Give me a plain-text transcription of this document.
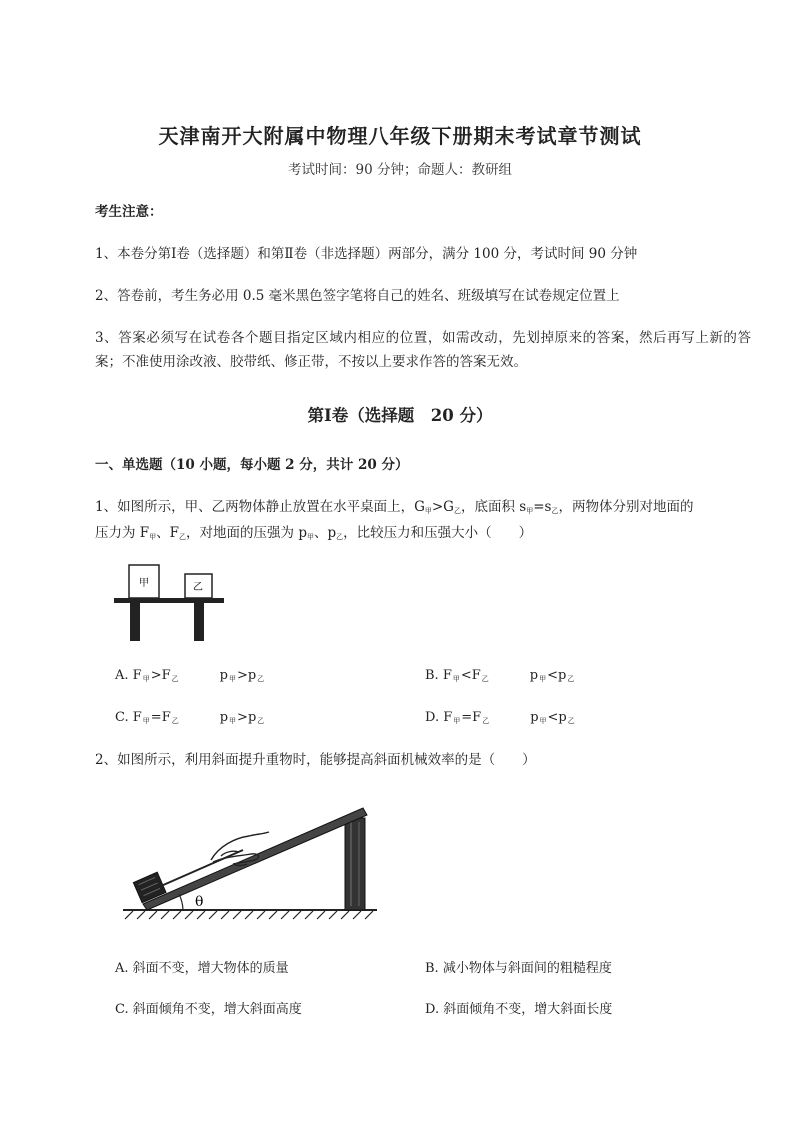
天津南开大附属中物理八年级下册期末考试章节测试
考试时间：90 分钟；命题人：教研组
考生注意：
1、本卷分第Ⅰ卷（选择题）和第Ⅱ卷（非选择题）两部分，满分 100 分，考试时间 90 分钟
2、答卷前，考生务必用 0.5 毫米黑色签字笔将自己的姓名、班级填写在试卷规定位置上
3、答案必须写在试卷各个题目指定区域内相应的位置，如需改动，先划掉原来的答案，然后再写上新的答案；不准使用涂改液、胶带纸、修正带，不按以上要求作答的答案无效。
第Ⅰ卷（选择题　20 分）
一、单选题（10 小题，每小题 2 分，共计 20 分）
1、如图所示，甲、乙两物体静止放置在水平桌面上，$G_甲>G_乙$，底面积 $s_甲=s_乙$，两物体分别对地面的
压力为 $F_甲$、$F_乙$，对地面的压强为 $p_甲$、$p_乙$，比较压力和压强大小（　　）
甲	乙
A. $F_甲>F_乙$	$p_甲>p_乙$	B. $F_甲<F_乙$	$p_甲<p_乙$
C. $F_甲=F_乙$	$p_甲>p_乙$	D. $F_甲=F_乙$	$p_甲<p_乙$
2、如图所示，利用斜面提升重物时，能够提高斜面机械效率的是（　　）
θ
A. 斜面不变，增大物体的质量	B. 减小物体与斜面间的粗糙程度
C. 斜面倾角不变，增大斜面高度	D. 斜面倾角不变，增大斜面长度
